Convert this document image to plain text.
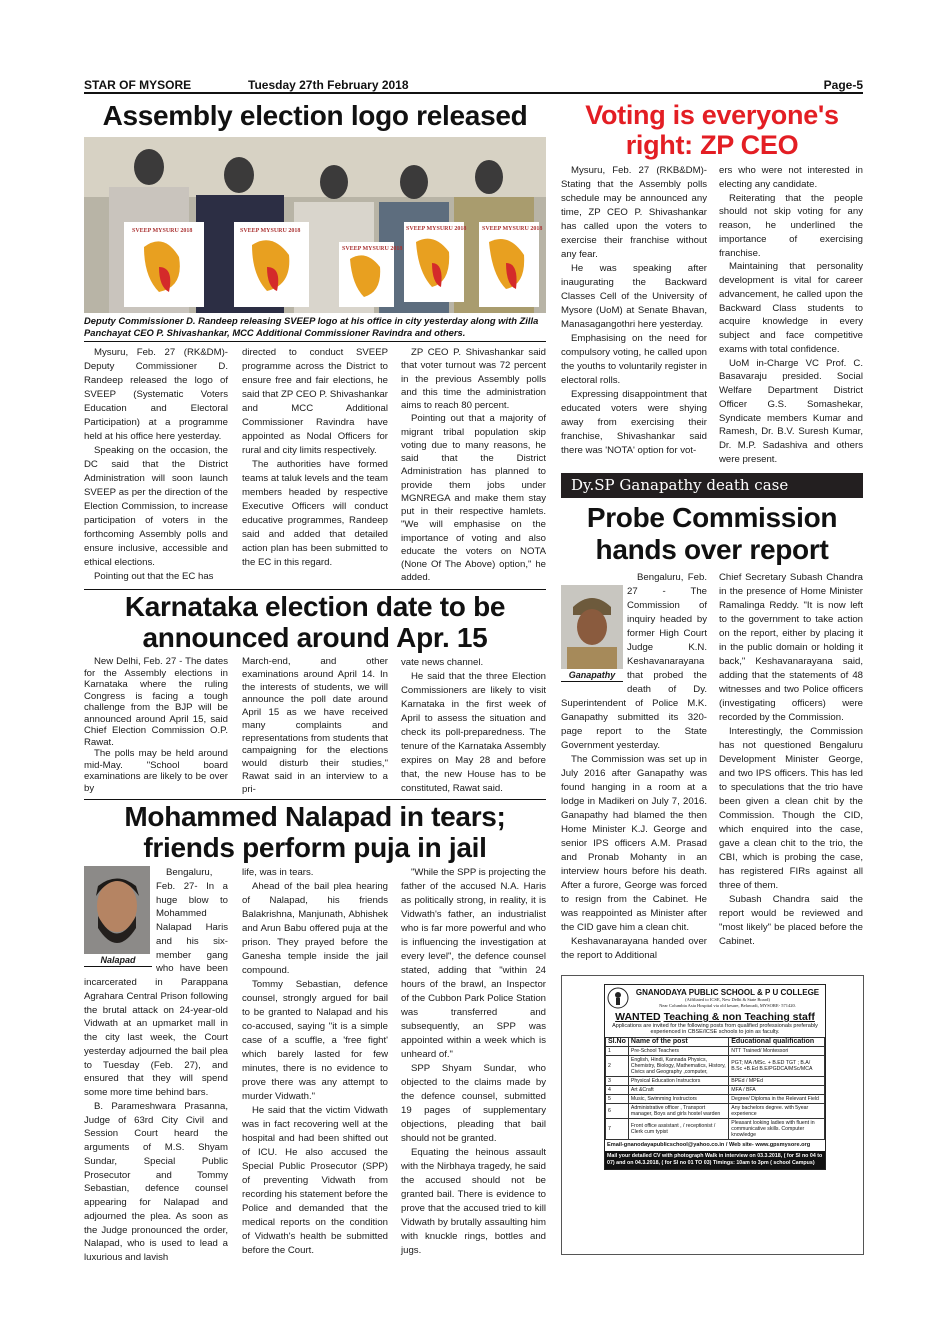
STAR OF MYSORE	Tuesday 27th February 2018	Page-5
Assembly election logo released
SVEEP MYSURU 2018	SVEEP MYSURU 2018
SVEEP MYSURU 2018
SVEEP MYSURU 2018	SVEEP MYSURU 2018
Deputy Commissioner D. Randeep releasing SVEEP logo at his office in city yesterday along with Zilla Panchayat CEO P. Shivashankar, MCC Additional Commissioner Ravindra and others.

Mysuru, Feb. 27 (RK&DM)- Deputy Commissioner D. Randeep released the logo of SVEEP (Systematic Voters Education and Electoral Participation) at a programme held at his office here yesterday.

Speaking on the occasion, the DC said that the District Administration will soon launch SVEEP as per the direction of the Election Commission, to increase participation of voters in the forthcoming Assembly polls and ensure inclusive, accessible and ethical elections.

Pointing out that the EC has

directed to conduct SVEEP programme across the District to ensure free and fair elections, he said that ZP CEO P. Shivashankar and MCC Additional Commissioner Ravindra have appointed as Nodal Officers for rural and city limits respectively.

The authorities have formed teams at taluk levels and the team members headed by respective Executive Officers will conduct educative programmes, Randeep said and added that detailed action plan has been submitted to the EC in this regard.

ZP CEO P. Shivashankar said that voter turnout was 72 percent in the previous Assembly polls and this time the administration aims to reach 80 percent.

Pointing out that a majority of migrant tribal population skip voting due to many reasons, he said that the District Administration has planned to provide them jobs under MGNREGA and make them stay put in their respective hamlets. "We will emphasise on the importance of voting and also educate the voters on NOTA (None Of The Above) option," he added.

Karnataka election date to be
announced around Apr. 15

New Delhi, Feb. 27 - The dates for the Assembly elections in Karnataka where the ruling Congress is facing a tough challenge from the BJP will be announced around April 15, said Chief Election Commission O.P. Rawat.

The polls may be held around mid-May. "School board examinations are likely to be over by

March-end, and other examinations around April 14. In the interests of students, we will announce the poll date around April 15 as we have received many complaints and representations from students that campaigning for the elections would disturb their studies," Rawat said in an interview to a pri-

vate news channel.

He said that the three Election Commissioners are likely to visit Karnataka in the first week of April to assess the situation and check its poll-preparedness. The tenure of the Karnataka Assembly expires on May 28 and before that, the new House has to be constituted, Rawat said.

Mohammed Nalapad in tears;
friends perform puja in jail
Nalapad

Bengaluru, Feb. 27- In a huge blow to Mohammed Nalapad Haris and his six-member gang who have been incarcerated in Parappana Agrahara Central Prison following the brutal attack on 24-year-old Vidwath at an upmarket mall in the city last week, the Court yesterday adjourned the bail plea to Tuesday (Feb. 27), and ensured that they will spend some more time behind bars.

B. Parameshwara Prasanna, Judge of 63rd City Civil and Session Court heard the arguments of M.S. Shyam Sundar, Special Public Prosecutor and Tommy Sebastian, defence counsel appearing for Nalapad and adjourned the plea. As soon as the Judge pronounced the order, Nalapad, who is used to lead a luxurious and lavish

life, was in tears.

Ahead of the bail plea hearing of Nalapad, his friends Balakrishna, Manjunath, Abhishek and Arun Babu offered puja at the prison. They prayed before the Ganesha temple inside the jail compound.

Tommy Sebastian, defence counsel, strongly argued for bail to be granted to Nalapad and his co-accused, saying "it is a simple case of a scuffle, a 'free fight' which barely lasted for few minutes, there is no evidence to prove there was any attempt to murder Vidwath."

He said that the victim Vidwath was in fact recovering well at the hospital and had been shifted out of ICU. He also accused the Special Public Prosecutor (SPP) of preventing Vidwath from recording his statement before the Police and demanded that the medical reports on the condition of Vidwath's health be submitted before the Court.

"While the SPP is projecting the father of the accused N.A. Haris as politically strong, in reality, it is Vidwath's father, an industrialist who is far more powerful and who is influencing the investigation at every level", the defence counsel stated, adding that "within 24 hours of the brawl, an Inspector of the Cubbon Park Police Station was transferred and subsequently, an SPP was appointed within a week which is unheard of."

SPP Shyam Sundar, who objected to the claims made by the defence counsel, submitted 19 pages of supplementary objections, pleading that bail should not be granted.

Equating the heinous assault with the Nirbhaya tragedy, he said the accused should not be granted bail. There is evidence to prove that the accused tried to kill Vidwath by brutally assaulting him with knuckle rings, bottles and jugs.

Voting is everyone's
right: ZP CEO

Mysuru, Feb. 27 (RKB&DM)- Stating that the Assembly polls schedule may be announced any time, ZP CEO P. Shivashankar has called upon the voters to exercise their franchise without any fear.

He was speaking after inaugurating the Backward Classes Cell of the University of Mysore (UoM) at Senate Bhavan, Manasagangothri here yesterday.

Emphasising on the need for compulsory voting, he called upon the youths to voluntarily register in electoral rolls.

Expressing disappointment that educated voters were shying away from exercising their franchise, Shivashankar said there was 'NOTA' option for vot-

ers who were not interested in electing any candidate.

Reiterating that the people should not skip voting for any reason, he underlined the importance of exercising franchise.

Maintaining that personality development is vital for career advancement, he called upon the Backward Class students to acquire knowledge in every subject and face competitive exams with total confidence.

UoM in-Charge VC Prof. C. Basavaraju presided. Social Welfare Department District Officer G.S. Somashekar, Syndicate members Kumar and Ramesh, Dr. B.V. Suresh Kumar, Dr. M.P. Sadashiva and others were present.

Dy.SP Ganapathy death case
Probe Commission
hands over report
Ganapathy

Bengaluru, Feb. 27 - The Commission of inquiry headed by former High Court Judge K.N. Keshavanarayana that probed the death of Dy. Superintendent of Police M.K. Ganapathy submitted its 320-page report to the State Government yesterday.

The Commission was set up in July 2016 after Ganapathy was found hanging in a room at a lodge in Madikeri on July 7, 2016. Ganapathy had blamed the then Home Minister K.J. George and senior IPS officers A.M. Prasad and Pronab Mohanty in an interview hours before his death. After a furore, George was forced to resign from the Cabinet. He was reappointed as Minister after the CID gave him a clean chit.

Keshavanarayana handed over the report to Additional

Chief Secretary Subash Chandra in the presence of Home Minister Ramalinga Reddy. "It is now left to the government to take action on the report, either by placing it in the public domain or holding it back," Keshavanarayana said, adding that the statements of 48 witnesses and two Police officers (investigating officers) were recorded by the Commission.

Interestingly, the Commission has not questioned Bengaluru Development Minister George, and two IPS officers. This has led to speculations that the trio have been given a clean chit by the Commission. Though the CID, which enquired into the case, gave a clean chit to the trio, the CBI, which is probing the case, has registered FIRs against all three of them.

Subash Chandra said the report would be reviewed and "most likely" be placed before the Cabinet.

GNANODAYA PUBLIC SCHOOL & P U COLLEGE
(Affiliated to ICSE, New Delhi & State Board)
Near Columbia Asia Hospital via old kesare, Belawadi, MYSORE- 571420.
WANTED Teaching & non Teaching staff
Applications are invited for the following posts from qualified professionals preferably experienced in CBSE/ICSE schools to join as faculty.
Sl.No	Name of the post	Educational qualification
1	Pre-School Teachers	NTT Trained/ Montessori
2	English, Hindi, Kannada Physics, Chemistry, Biology, Mathematics, History, Civics and Geography ,computer,	PGT; MA /MSc. + B.ED TGT ; B.A/ B.Sc +B.Ed B.E/PGDCA/MSc/MCA
3	Physical Education Instructors	BPEd / MPEd
4	Art &Craft	MFA / BFA
5	Music, Swimming Instructors	Degree/ Diploma in the Relevant Field
6	Administrative officer , Transport manager, Boys and girls hostel warden	Any bachelors degree. with 5year experience
7	Front office assistant , / receptionist / Clerk cum typist	Pleasant looking ladies with fluent in communicative skills. Computer knowledge
Email-gnanodayapublicschool@yahoo.co.in / Web site- www.gpsmysore.org
Mail your detailed CV with photograph Walk in interview on 03.3.2018, ( for Sl no 04 to 07) and on 04.3.2018, ( for Sl no 01 TO 03) Timings: 10am to 3pm ( school Campus)
